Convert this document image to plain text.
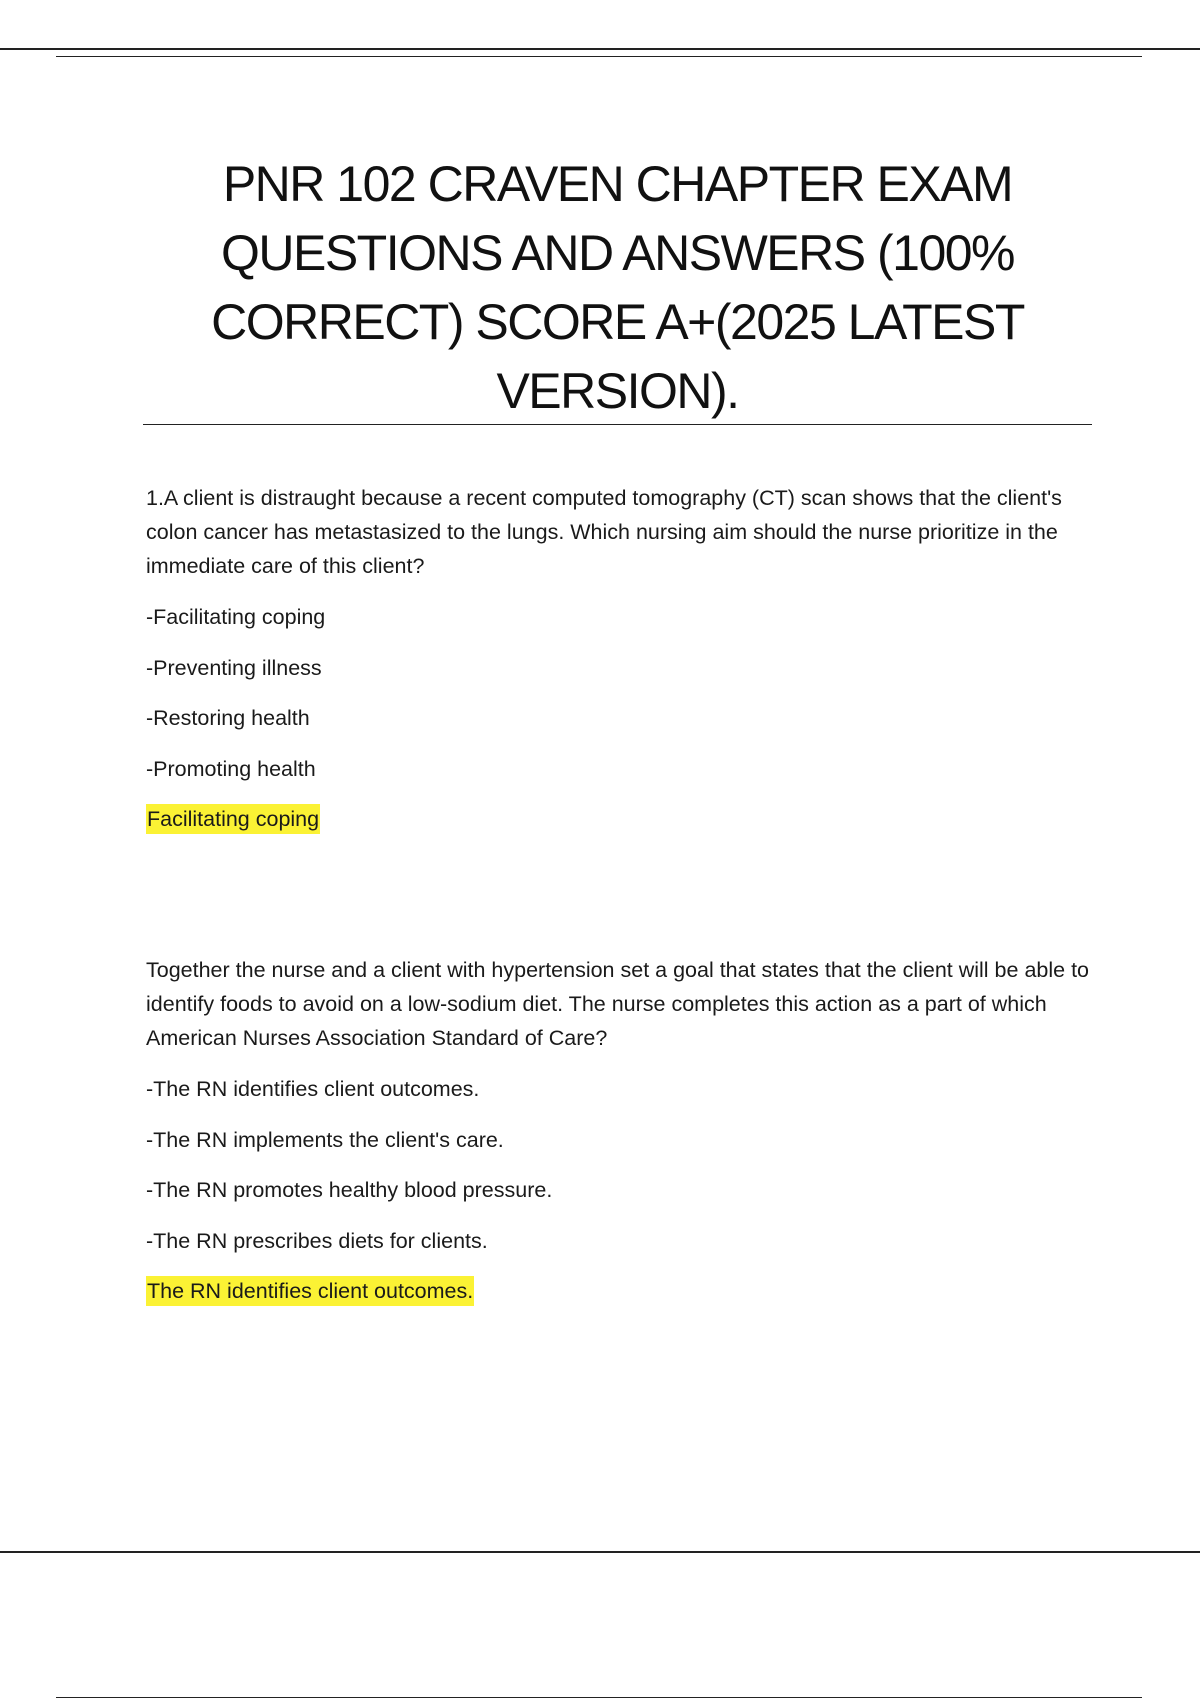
PNR 102 CRAVEN CHAPTER EXAM
QUESTIONS AND ANSWERS (100%
CORRECT) SCORE A+(2025 LATEST
VERSION).

1.A client is distraught because a recent computed tomography (CT) scan shows that the client's colon cancer has metastasized to the lungs. Which nursing aim should the nurse prioritize in the immediate care of this client?

-Facilitating coping
-Preventing illness
-Restoring health
-Promoting health
Facilitating coping

Together the nurse and a client with hypertension set a goal that states that the client will be able to identify foods to avoid on a low-sodium diet. The nurse completes this action as a part of which American Nurses Association Standard of Care?

-The RN identifies client outcomes.
-The RN implements the client's care.
-The RN promotes healthy blood pressure.
-The RN prescribes diets for clients.
The RN identifies client outcomes.
